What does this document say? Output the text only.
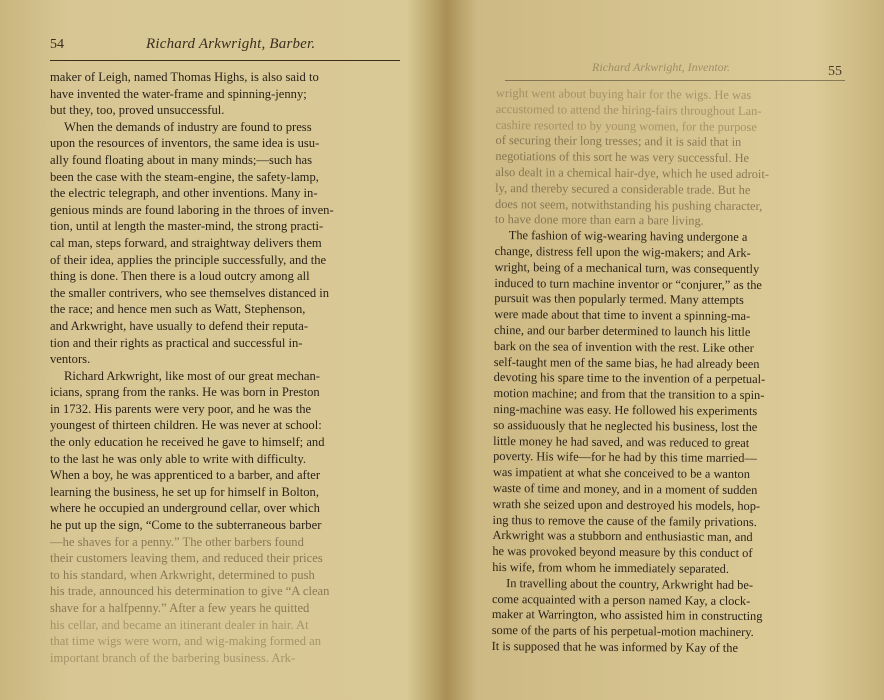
54	Richard Arkwright, Barber.
maker of Leigh, named Thomas Highs, is also said to
have invented the water-frame and spinning-jenny;
but they, too, proved unsuccessful.
When the demands of industry are found to press
upon the resources of inventors, the same idea is usu-
ally found floating about in many minds;—such has
been the case with the steam-engine, the safety-lamp,
the electric telegraph, and other inventions. Many in-
genious minds are found laboring in the throes of inven-
tion, until at length the master-mind, the strong practi-
cal man, steps forward, and straightway delivers them
of their idea, applies the principle successfully, and the
thing is done. Then there is a loud outcry among all
the smaller contrivers, who see themselves distanced in
the race; and hence men such as Watt, Stephenson,
and Arkwright, have usually to defend their reputa-
tion and their rights as practical and successful in-
ventors.
Richard Arkwright, like most of our great mechan-
icians, sprang from the ranks. He was born in Preston
in 1732. His parents were very poor, and he was the
youngest of thirteen children. He was never at school:
the only education he received he gave to himself; and
to the last he was only able to write with difficulty.
When a boy, he was apprenticed to a barber, and after
learning the business, he set up for himself in Bolton,
where he occupied an underground cellar, over which
he put up the sign, “Come to the subterraneous barber
—he shaves for a penny.” The other barbers found
their customers leaving them, and reduced their prices
to his standard, when Arkwright, determined to push
his trade, announced his determination to give “A clean
shave for a halfpenny.” After a few years he quitted
his cellar, and became an itinerant dealer in hair. At
that time wigs were worn, and wig-making formed an
important branch of the barbering business. Ark-
Richard Arkwright, Inventor.	55
wright went about buying hair for the wigs. He was
accustomed to attend the hiring-fairs throughout Lan-
cashire resorted to by young women, for the purpose
of securing their long tresses; and it is said that in
negotiations of this sort he was very successful. He
also dealt in a chemical hair-dye, which he used adroit-
ly, and thereby secured a considerable trade. But he
does not seem, notwithstanding his pushing character,
to have done more than earn a bare living.
The fashion of wig-wearing having undergone a
change, distress fell upon the wig-makers; and Ark-
wright, being of a mechanical turn, was consequently
induced to turn machine inventor or “conjurer,” as the
pursuit was then popularly termed. Many attempts
were made about that time to invent a spinning-ma-
chine, and our barber determined to launch his little
bark on the sea of invention with the rest. Like other
self-taught men of the same bias, he had already been
devoting his spare time to the invention of a perpetual-
motion machine; and from that the transition to a spin-
ning-machine was easy. He followed his experiments
so assiduously that he neglected his business, lost the
little money he had saved, and was reduced to great
poverty. His wife—for he had by this time married—
was impatient at what she conceived to be a wanton
waste of time and money, and in a moment of sudden
wrath she seized upon and destroyed his models, hop-
ing thus to remove the cause of the family privations.
Arkwright was a stubborn and enthusiastic man, and
he was provoked beyond measure by this conduct of
his wife, from whom he immediately separated.
In travelling about the country, Arkwright had be-
come acquainted with a person named Kay, a clock-
maker at Warrington, who assisted him in constructing
some of the parts of his perpetual-motion machinery.
It is supposed that he was informed by Kay of the
